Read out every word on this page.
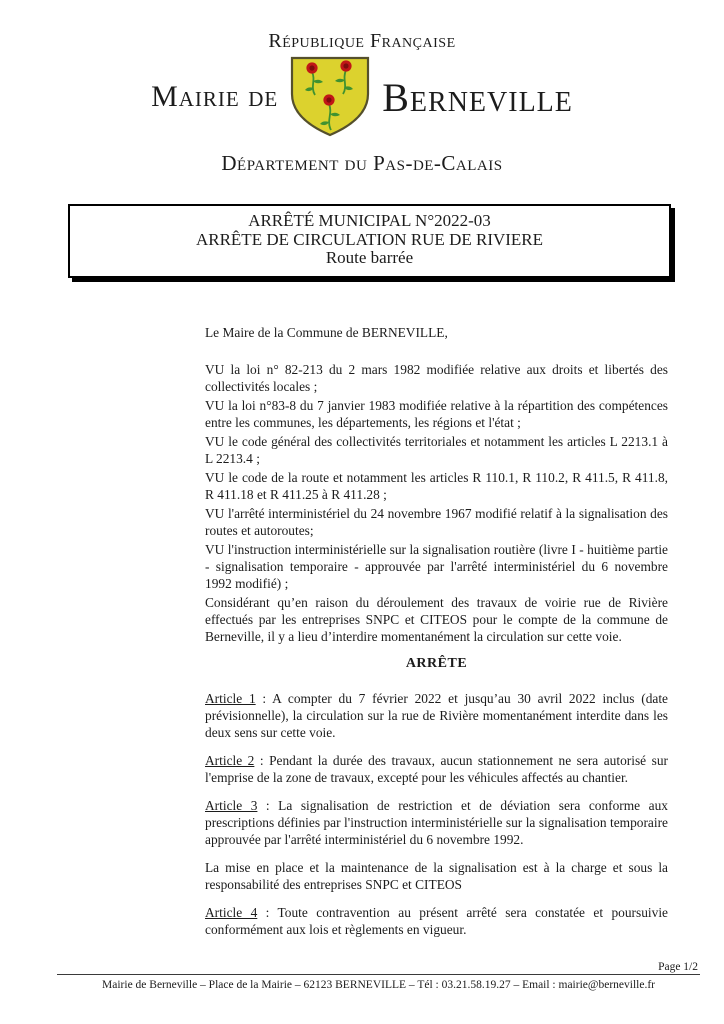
République Française
Mairie de	Berneville
Département du Pas-de-Calais
ARRÊTÉ MUNICIPAL N°2022-03
ARRÊTE DE CIRCULATION RUE DE RIVIERE
Route barrée

Le Maire de la Commune de BERNEVILLE,

VU la loi n° 82-213 du 2 mars 1982 modifiée relative aux droits et libertés des collectivités locales ;

VU la loi n°83-8 du 7 janvier 1983 modifiée relative à la répartition des compétences entre les communes, les départements, les régions et l'état ;

VU le code général des collectivités territoriales et notamment les articles L 2213.1 à L 2213.4 ;

VU le code de la route et notamment les articles R 110.1, R 110.2, R 411.5, R 411.8, R 411.18 et R 411.25 à R 411.28 ;

VU l'arrêté interministériel du 24 novembre 1967 modifié relatif à la signalisation des routes et autoroutes;

VU l'instruction interministérielle sur la signalisation routière (livre I - huitième partie - signalisation temporaire - approuvée par l'arrêté interministériel du 6 novembre 1992 modifié) ;

Considérant qu’en raison du déroulement des travaux de voirie rue de Rivière effectués par les entreprises SNPC et CITEOS pour le compte de la commune de Berneville, il y a lieu d’interdire momentanément la circulation sur cette voie.

ARRÊTE

Article 1 : A compter du 7 février 2022 et jusqu’au 30 avril 2022 inclus (date prévisionnelle), la circulation sur la rue de Rivière momentanément interdite dans les deux sens sur cette voie.

Article 2 : Pendant la durée des travaux, aucun stationnement ne sera autorisé sur l'emprise de la zone de travaux, excepté pour les véhicules affectés au chantier.

Article 3 : La signalisation de restriction et de déviation sera conforme aux prescriptions définies par l'instruction interministérielle sur la signalisation temporaire approuvée par l'arrêté interministériel du 6 novembre 1992.

La mise en place et la maintenance de la signalisation est à la charge et sous la responsabilité des entreprises SNPC et CITEOS

Article 4 : Toute contravention au présent arrêté sera constatée et poursuivie conformément aux lois et règlements en vigueur.

Page 1/2
Mairie de Berneville – Place de la Mairie – 62123 BERNEVILLE – Tél : 03.21.58.19.27 – Email : mairie@berneville.fr
